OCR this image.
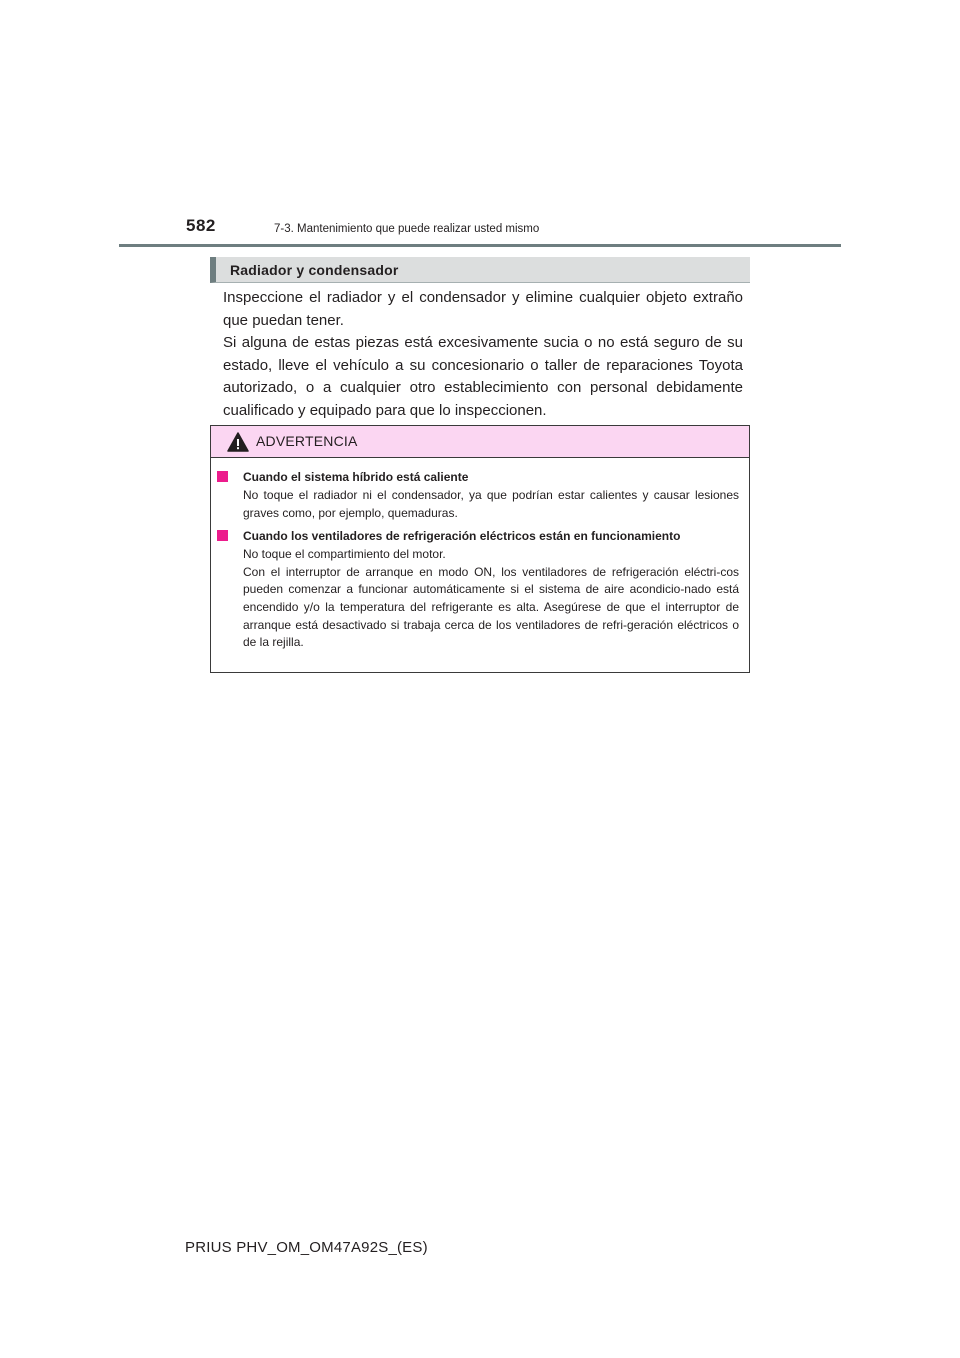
582	7-3. Mantenimiento que puede realizar usted mismo
Radiador y condensador

Inspeccione el radiador y el condensador y elimine cualquier objeto extraño que puedan tener.

Si alguna de estas piezas está excesivamente sucia o no está seguro de su estado, lleve el vehículo a su concesionario o taller de reparaciones Toyota autorizado, o a cualquier otro establecimiento con personal debidamente cualificado y equipado para que lo inspeccionen.

ADVERTENCIA
Cuando el sistema híbrido está caliente

No toque el radiador ni el condensador, ya que podrían estar calientes y causar lesiones graves como, por ejemplo, quemaduras.

Cuando los ventiladores de refrigeración eléctricos están en funcionamiento

No toque el compartimiento del motor.

Con el interruptor de arranque en modo ON, los ventiladores de refrigeración eléctri-cos pueden comenzar a funcionar automáticamente si el sistema de aire acondicio-nado está encendido y/o la temperatura del refrigerante es alta. Asegúrese de que el interruptor de arranque está desactivado si trabaja cerca de los ventiladores de refri-geración eléctricos o de la rejilla.

PRIUS PHV_OM_OM47A92S_(ES)
